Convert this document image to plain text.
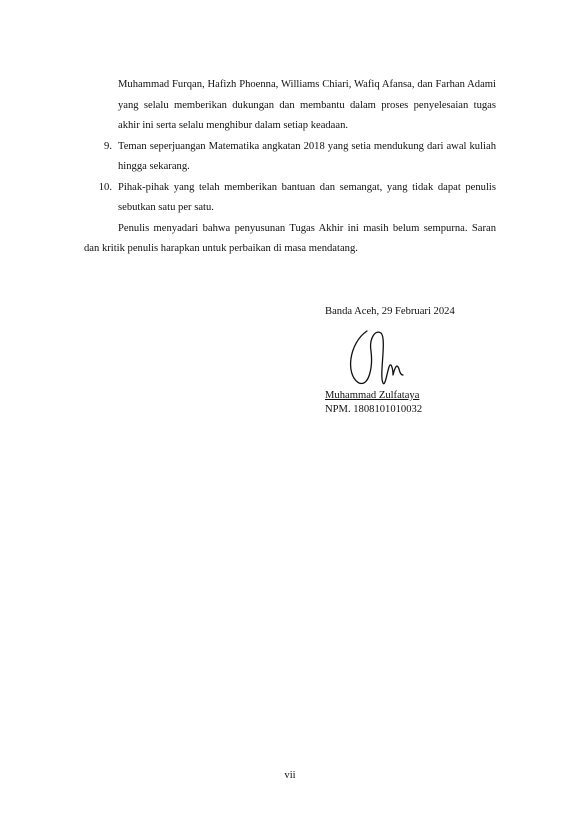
Muhammad Furqan, Hafizh Phoenna, Williams Chiari, Wafiq Afansa, dan Farhan Adami yang selalu memberikan dukungan dan membantu dalam proses penyelesaian tugas akhir ini serta selalu menghibur dalam setiap keadaan.

9. Teman seperjuangan Matematika angkatan 2018 yang setia mendukung dari awal kuliah hingga sekarang.
10. Pihak-pihak yang telah memberikan bantuan dan semangat, yang tidak dapat penulis sebutkan satu per satu.

Penulis menyadari bahwa penyusunan Tugas Akhir ini masih belum sempurna. Saran dan kritik penulis harapkan untuk perbaikan di masa mendatang.

Banda Aceh, 29 Februari 2024
Muhammad Zulfataya
NPM. 1808101010032
vii
